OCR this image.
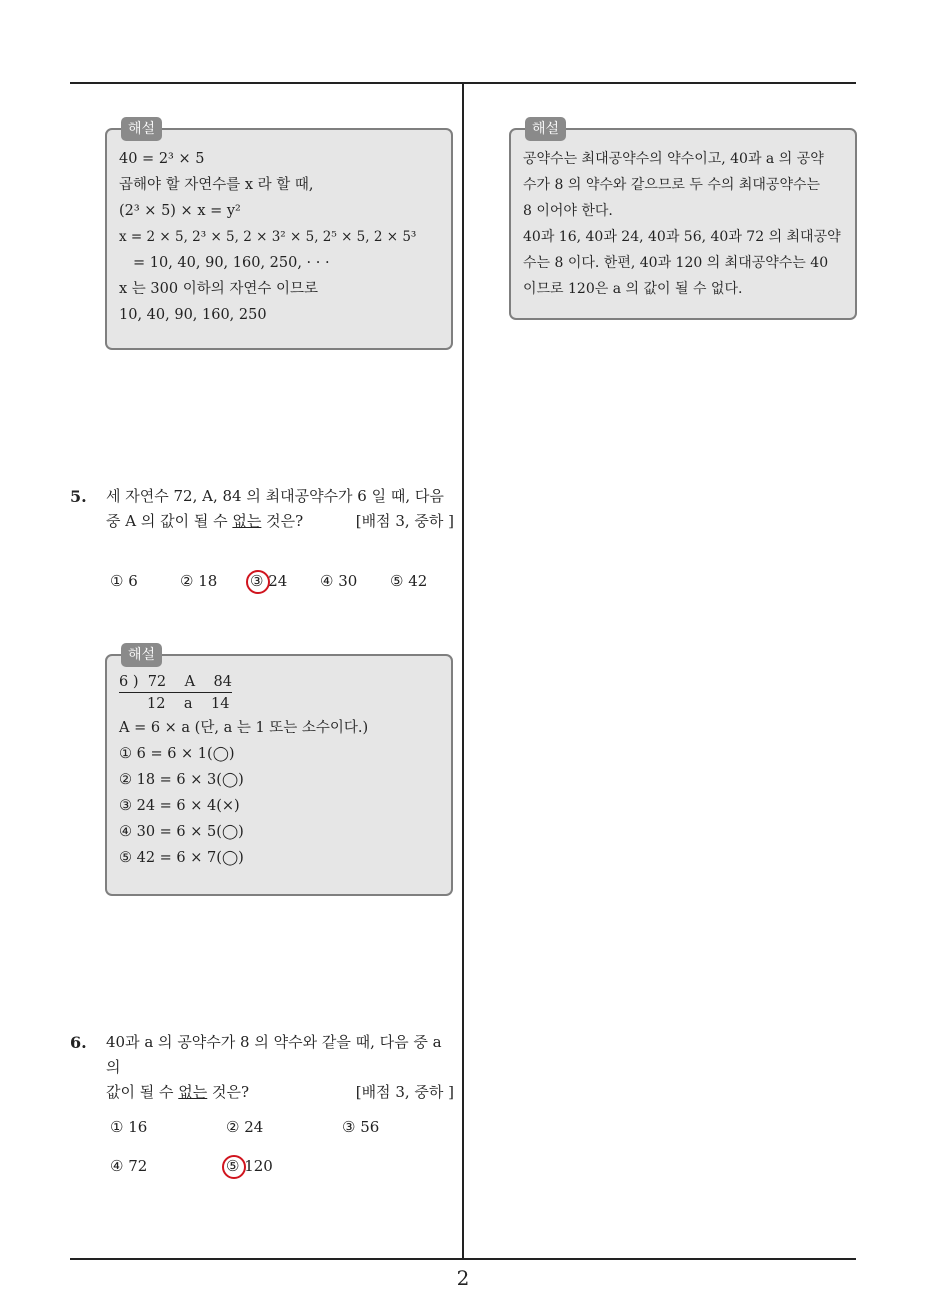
해설
40 = 2³ × 5
곱해야 할 자연수를 x 라 할 때,
(2³ × 5) × x = y²
x = 2 × 5, 2³ × 5, 2 × 3² × 5, 2⁵ × 5, 2 × 5³
= 10, 40, 90, 160, 250, · · ·
x 는 300 이하의 자연수 이므로
10, 40, 90, 160, 250
5. 세 자연수 72, A, 84 의 최대공약수가 6 일 때, 다음
중 A 의 값이 될 수 없는 것은?	[배점 3, 중하 ]
① 6	② 18 ③ 24 ④ 30 ⑤ 42
해설
6 )  72    A    84
12    a    14
A = 6 × a (단, a 는 1 또는 소수이다.)
① 6 = 6 × 1(◯)
② 18 = 6 × 3(◯)
③ 24 = 6 × 4(×)
④ 30 = 6 × 5(◯)
⑤ 42 = 6 × 7(◯)
6. 40과 a 의 공약수가 8 의 약수와 같을 때, 다음 중 a 의
값이 될 수 없는 것은?	[배점 3, 중하 ]
① 16	② 24	③ 56
④ 72	⑤ 120
해설
공약수는 최대공약수의 약수이고, 40과 a 의 공약
수가 8 의 약수와 같으므로 두 수의 최대공약수는
8 이어야 한다.
40과 16, 40과 24, 40과 56, 40과 72 의 최대공약
수는 8 이다. 한편, 40과 120 의 최대공약수는 40
이므로 120은 a 의 값이 될 수 없다.
2
